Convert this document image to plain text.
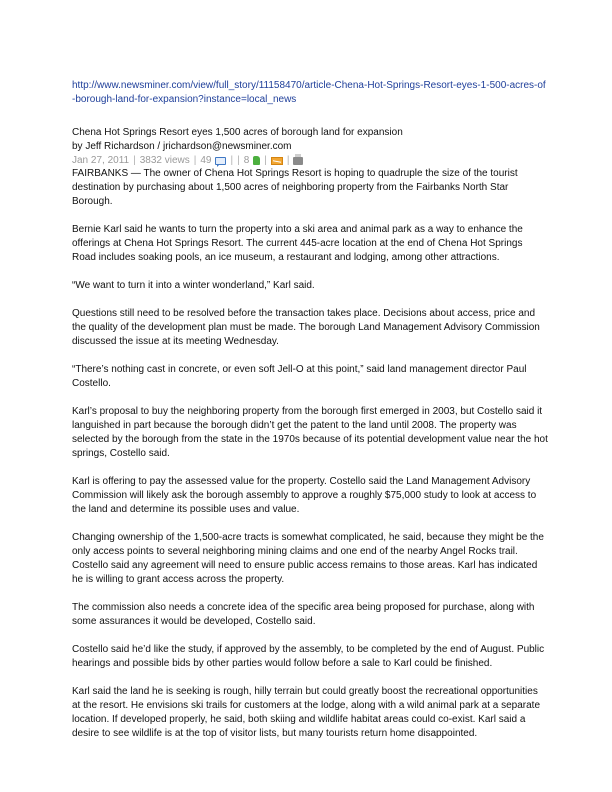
http://www.newsminer.com/view/full_story/11158470/article-Chena-Hot-Springs-Resort-eyes-1-500-acres-of-borough-land-for-expansion?instance=local_news
Chena Hot Springs Resort eyes 1,500 acres of borough land for expansion

by Jeff Richardson / jrichardson@newsminer.com

Jan 27, 2011 | 3832 views | 49 | | 8 | |

FAIRBANKS — The owner of Chena Hot Springs Resort is hoping to quadruple the size of the tourist destination by purchasing about 1,500 acres of neighboring property from the Fairbanks North Star Borough.

Bernie Karl said he wants to turn the property into a ski area and animal park as a way to enhance the offerings at Chena Hot Springs Resort. The current 445-acre location at the end of Chena Hot Springs Road includes soaking pools, an ice museum, a restaurant and lodging, among other attractions.

“We want to turn it into a winter wonderland,” Karl said.

Questions still need to be resolved before the transaction takes place. Decisions about access, price and the quality of the development plan must be made. The borough Land Management Advisory Commission discussed the issue at its meeting Wednesday.

“There’s nothing cast in concrete, or even soft Jell-O at this point,” said land management director Paul Costello.

Karl’s proposal to buy the neighboring property from the borough first emerged in 2003, but Costello said it languished in part because the borough didn’t get the patent to the land until 2008. The property was selected by the borough from the state in the 1970s because of its potential development value near the hot springs, Costello said.

Karl is offering to pay the assessed value for the property. Costello said the Land Management Advisory Commission will likely ask the borough assembly to approve a roughly $75,000 study to look at access to the land and determine its possible uses and value.

Changing ownership of the 1,500-acre tracts is somewhat complicated, he said, because they might be the only access points to several neighboring mining claims and one end of the nearby Angel Rocks trail. Costello said any agreement will need to ensure public access remains to those areas. Karl has indicated he is willing to grant access across the property.

The commission also needs a concrete idea of the specific area being proposed for purchase, along with some assurances it would be developed, Costello said.

Costello said he’d like the study, if approved by the assembly, to be completed by the end of August. Public hearings and possible bids by other parties would follow before a sale to Karl could be finished.

Karl said the land he is seeking is rough, hilly terrain but could greatly boost the recreational opportunities at the resort. He envisions ski trails for customers at the lodge, along with a wild animal park at a separate location. If developed properly, he said, both skiing and wildlife habitat areas could co-exist. Karl said a desire to see wildlife is at the top of visitor lists, but many tourists return home disappointed.
